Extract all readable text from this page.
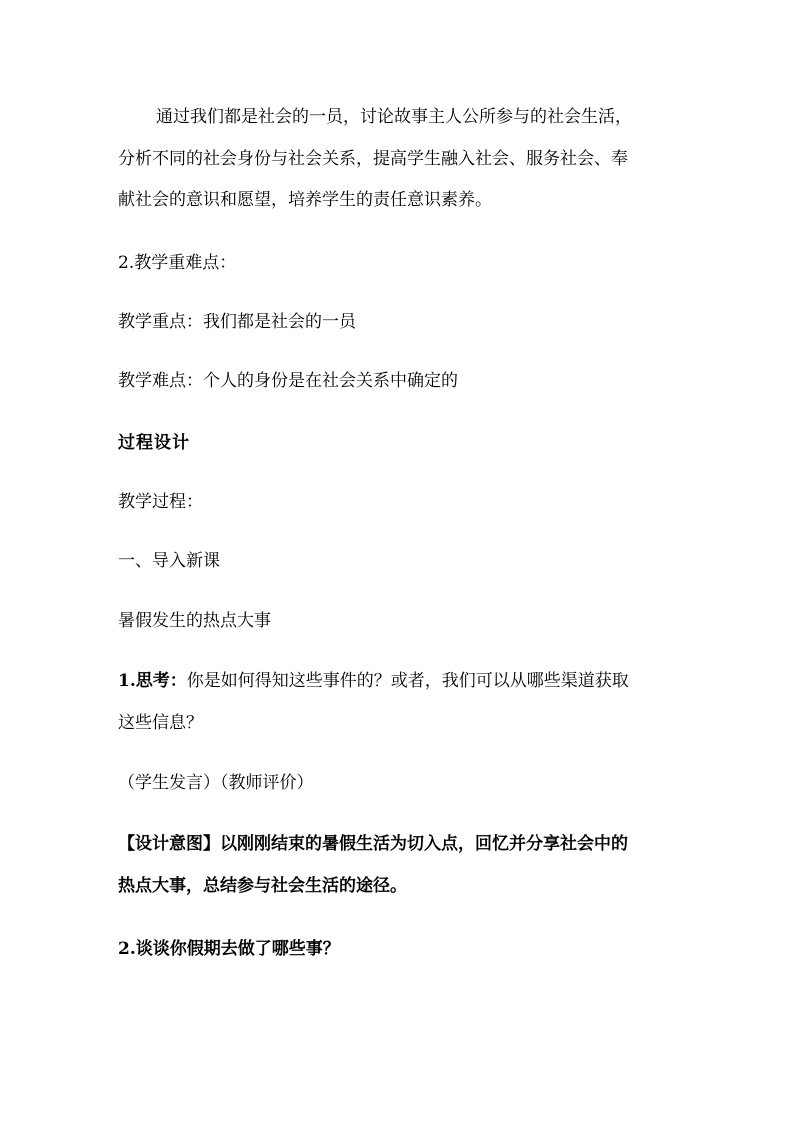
通过我们都是社会的一员，讨论故事主人公所参与的社会生活，
分析不同的社会身份与社会关系，提高学生融入社会、服务社会、奉
献社会的意识和愿望，培养学生的责任意识素养。
2.教学重难点：
教学重点：我们都是社会的一员
教学难点：个人的身份是在社会关系中确定的
过程设计
教学过程：
一、导入新课
暑假发生的热点大事
1.思考：你是如何得知这些事件的？或者，我们可以从哪些渠道获取
这些信息？
（学生发言）（教师评价）
【设计意图】以刚刚结束的暑假生活为切入点，回忆并分享社会中的
热点大事，总结参与社会生活的途径。
2.谈谈你假期去做了哪些事？
